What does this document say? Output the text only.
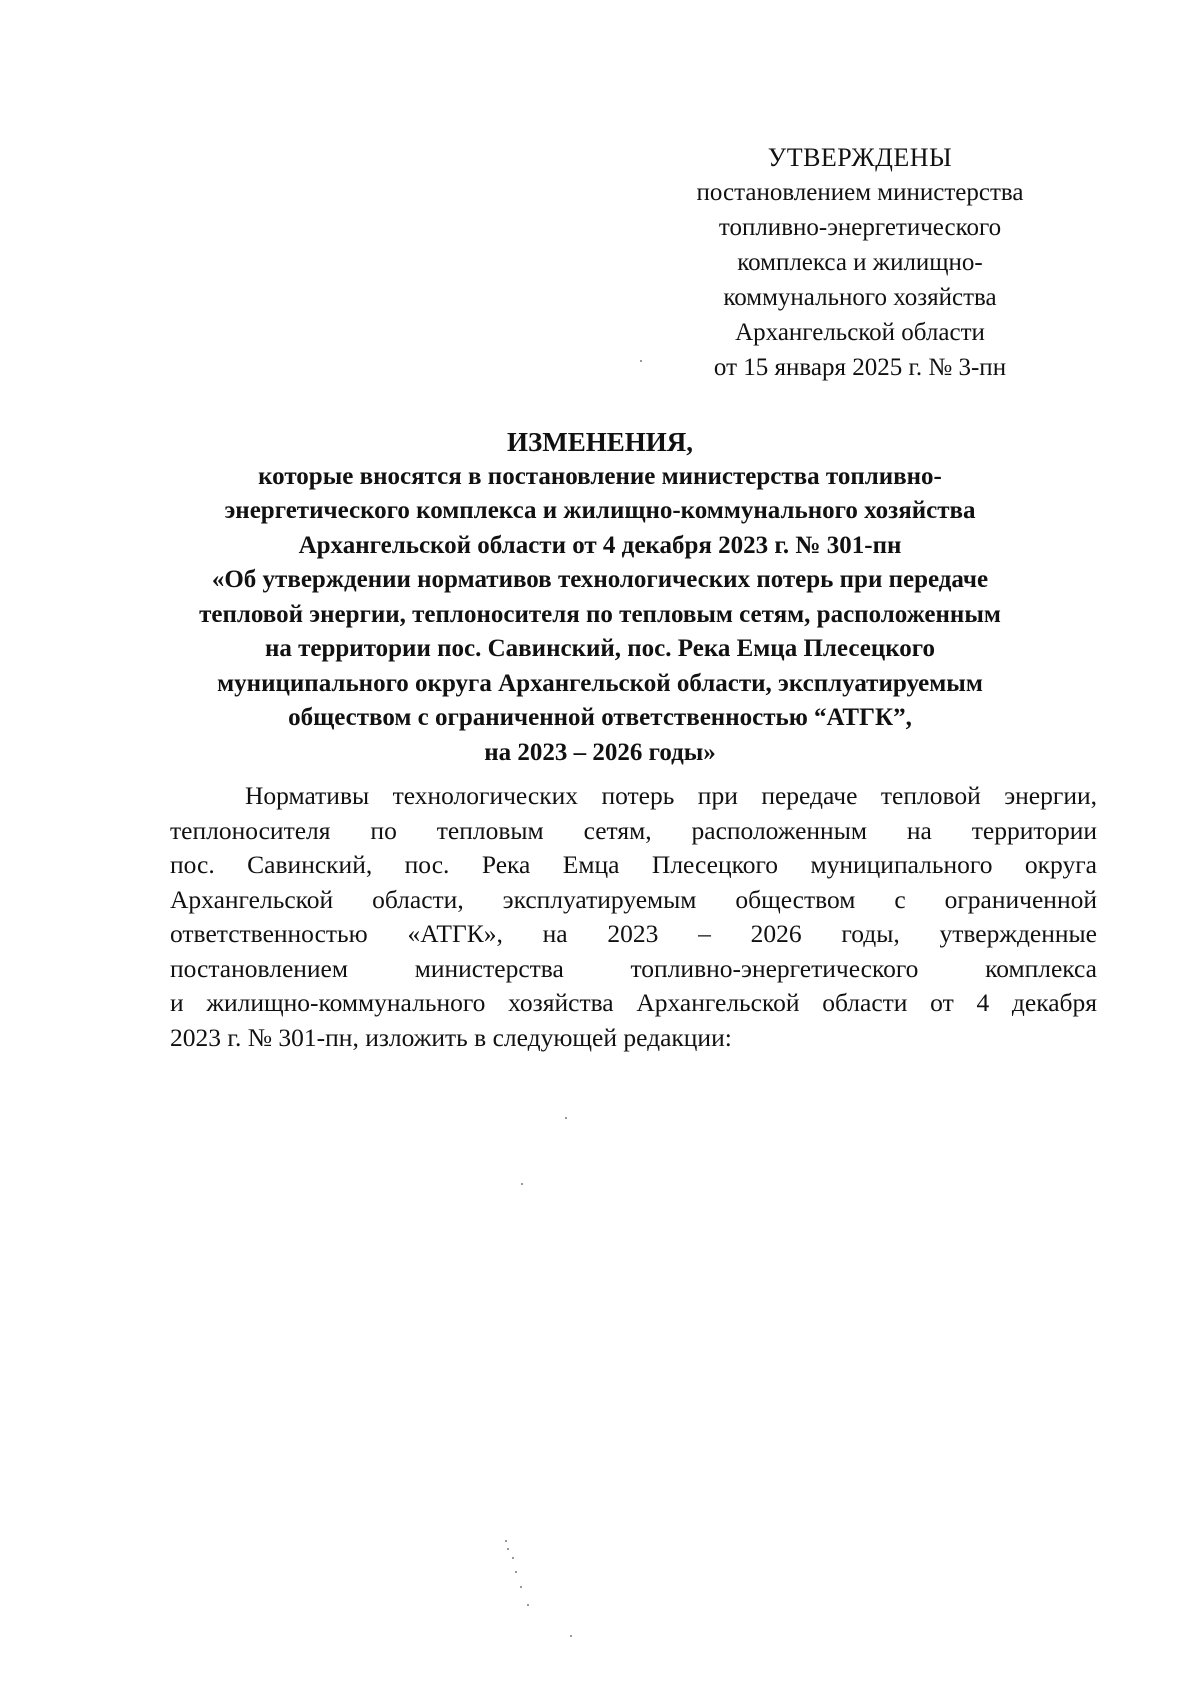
УТВЕРЖДЕНЫ
постановлением министерства
топливно-энергетического
комплекса и жилищно-
коммунального хозяйства
Архангельской области
от 15 января 2025 г. № 3-пн
ИЗМЕНЕНИЯ,
которые вносятся в постановление министерства топливно-
энергетического комплекса и жилищно-коммунального хозяйства
Архангельской области от 4 декабря 2023 г. № 301-пн
«Об утверждении нормативов технологических потерь при передаче
тепловой энергии, теплоносителя по тепловым сетям, расположенным
на территории пос. Савинский, пос. Река Емца Плесецкого
муниципального округа Архангельской области, эксплуатируемым
обществом с ограниченной ответственностью “АТГК”,
на 2023 – 2026 годы»
Нормативы технологических потерь при передаче тепловой энергии,
теплоносителя по тепловым сетям, расположенным на территории
пос. Савинский, пос. Река Емца Плесецкого муниципального округа
Архангельской области, эксплуатируемым обществом с ограниченной
ответственностью «АТГК», на 2023 – 2026 годы, утвержденные
постановлением министерства топливно-энергетического комплекса
и жилищно-коммунального хозяйства Архангельской области от 4 декабря
2023 г. № 301-пн, изложить в следующей редакции:
